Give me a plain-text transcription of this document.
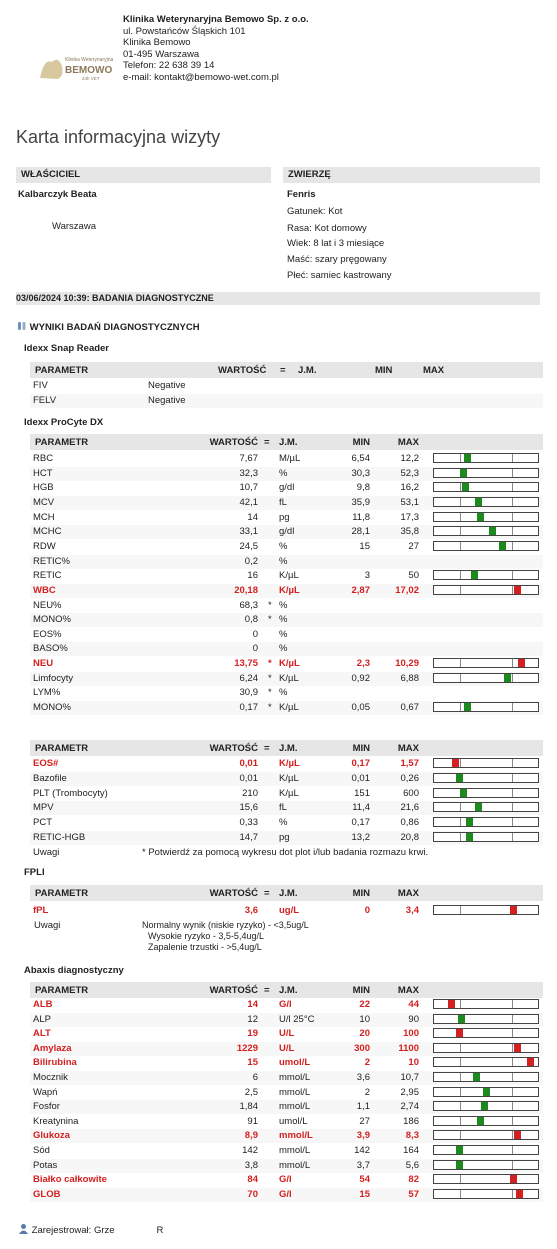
Klinika Weterynaryjna
BEMOWO
24h VET
Klinika Weterynaryjna Bemowo Sp. z o.o.
ul. Powstańców Śląskich 101
Klinika Bemowo
01-495 Warszawa
Telefon: 22 638 39 14
e-mail: kontakt@bemowo-wet.com.pl
Karta informacyjna wizyty
WŁAŚCICIEL	ZWIERZĘ
Kalbarczyk Beata
Warszawa
Fenris
Gatunek: Kot
Rasa: Kot domowy
Wiek: 8 lat i 3 miesiące
Maść: szary pręgowany
Płeć: samiec kastrowany
03/06/2024 10:39: BADANIA DIAGNOSTYCZNE
WYNIKI BADAŃ DIAGNOSTYCZNYCH
Idexx Snap Reader
PARAMETR	WARTOŚĆ = J.M.	MIN	MAX
FIV	Negative
FELV	Negative
Idexx ProCyte DX
PARAMETR	WARTOŚĆ = J.M.	MIN	MAX
RBC	7,67 M/µL	6,54	12,2
HCT	32,3 %	30,3	52,3
HGB	10,7 g/dl	9,8	16,2
MCV	42,1 fL	35,9	53,1
MCH	14 pg	11,8	17,3
MCHC	33,1 g/dl	28,1	35,8
RDW	24,5 %	15	27
RETIC%	0,2 %
RETIC	16 K/µL	3	50
WBC	20,18 K/µL	2,87	17,02
NEU%	68,3 * %
MONO%	0,8 * %
EOS%	0 %
BASO%	0 %
NEU	13,75 * K/µL	2,3	10,29
Limfocyty	6,24 * K/µL	0,92	6,88
LYM%	30,9 * %
MONO%	0,17 * K/µL	0,05	0,67
PARAMETR	WARTOŚĆ = J.M.	MIN	MAX
EOS#	0,01 K/µL	0,17	1,57
Bazofile	0,01 K/µL	0,01	0,26
PLT (Trombocyty)	210 K/µL	151	600
MPV	15,6 fL	11,4	21,6
PCT	0,33 %	0,17	0,86
RETIC-HGB	14,7 pg	13,2	20,8
Uwagi	* Potwierdź za pomocą wykresu dot plot i/lub badania rozmazu krwi.
FPLI
PARAMETR	WARTOŚĆ = J.M.	MIN	MAX
fPL	3,6 ug/L	0	3,4
Uwagi	Normalny wynik (niskie ryzyko) - <3,5ug/L
Wysokie ryzyko - 3,5-5,4ug/L
Zapalenie trzustki - >5,4ug/L
Abaxis diagnostyczny
PARAMETR	WARTOŚĆ = J.M.	MIN	MAX
ALB	14 G/l	22	44
ALP	12 U/l 25°C	10	90
ALT	19 U/L	20	100
Amylaza	1229 U/L	300	1100
Bilirubina	15 umol/L	2	10
Mocznik	6 mmol/L	3,6	10,7
Wapń	2,5 mmol/L	2	2,95
Fosfor	1,84 mmol/L	1,1	2,74
Kreatynina	91 umol/L	27	186
Glukoza	8,9 mmol/L	3,9	8,3
Sód	142 mmol/L	142	164
Potas	3,8 mmol/L	3,7	5,6
Białko całkowite	84 G/l	54	82
GLOB	70 G/l	15	57
Zarejestrował: Grze	R
